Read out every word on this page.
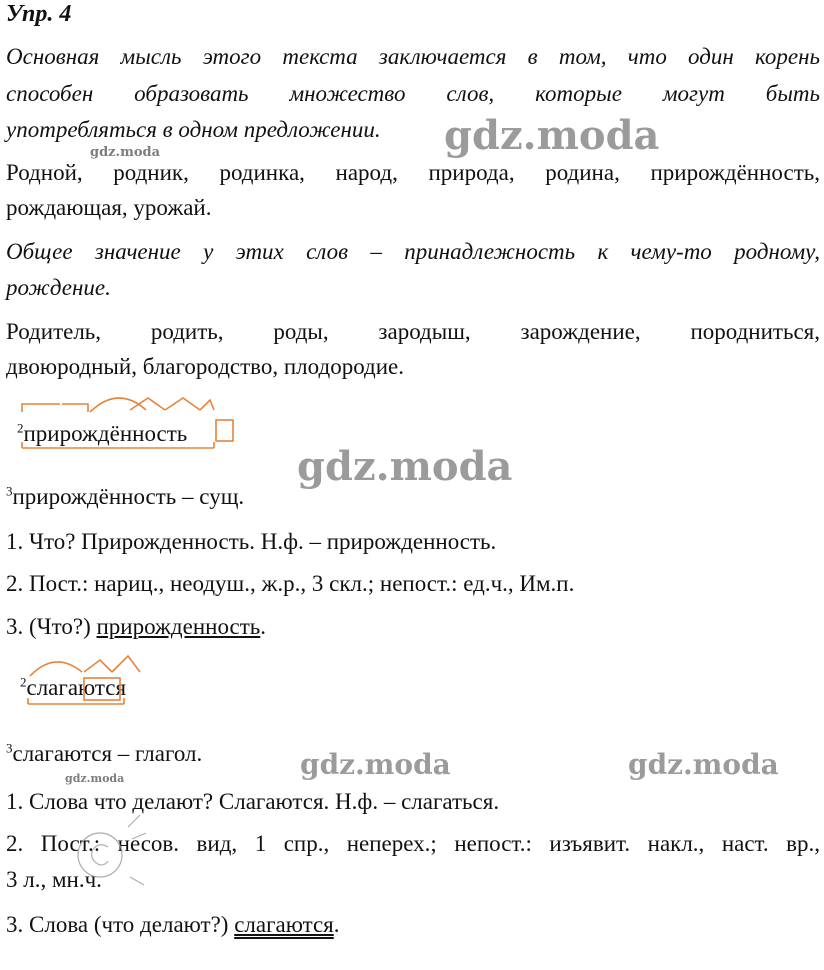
Упр. 4
Основная мысль этого текста заключается в том, что один корень
способен образовать множество слов, которые могут быть
употребляться в одном предложении.
Родной, родник, родинка, народ, природа, родина, прирождённость,
рождающая, урожай.
Общее значение у этих слов – принадлежность к чему-то родному,
рождение.
Родитель, родить, роды, зародыш, зарождение, породниться,
двоюродный, благородство, плодородие.
$^2$прирождённость
$^3$прирождённость – сущ.
1. Что? Прирожденность. Н.ф. – прирожденность.
2. Пост.: нариц., неодуш., ж.р., 3 скл.; непост.: ед.ч., Им.п.
3. (Что?) прирожденность.
$^2$слагаются
$^3$слагаются – глагол.
1. Слова что делают? Слагаются. Н.ф. – слагаться.
2. Пост.: несов. вид, 1 спр., неперех.; непост.: изъявит. накл., наст. вр.,
3 л., мн.ч.
3. Слова (что делают?) слагаются.
gdz.moda
gdz.moda
gdz.moda
gdz.moda	gdz.moda
gdz.moda
